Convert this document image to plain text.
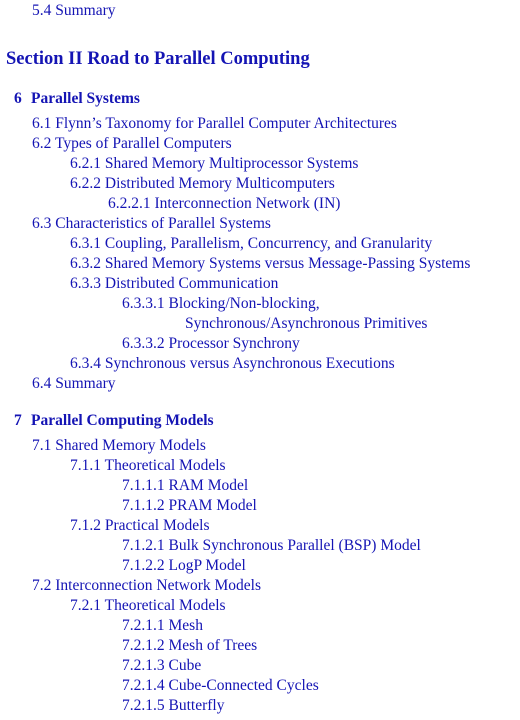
5.4 Summary
Section II Road to Parallel Computing
6 Parallel Systems
6.1 Flynn’s Taxonomy for Parallel Computer Architectures
6.2 Types of Parallel Computers
6.2.1 Shared Memory Multiprocessor Systems
6.2.2 Distributed Memory Multicomputers
6.2.2.1 Interconnection Network (IN)
6.3 Characteristics of Parallel Systems
6.3.1 Coupling, Parallelism, Concurrency, and Granularity
6.3.2 Shared Memory Systems versus Message-Passing Systems
6.3.3 Distributed Communication
6.3.3.1 Blocking/Non-blocking,
Synchronous/Asynchronous Primitives
6.3.3.2 Processor Synchrony
6.3.4 Synchronous versus Asynchronous Executions
6.4 Summary
7 Parallel Computing Models
7.1 Shared Memory Models
7.1.1 Theoretical Models
7.1.1.1 RAM Model
7.1.1.2 PRAM Model
7.1.2 Practical Models
7.1.2.1 Bulk Synchronous Parallel (BSP) Model
7.1.2.2 LogP Model
7.2 Interconnection Network Models
7.2.1 Theoretical Models
7.2.1.1 Mesh
7.2.1.2 Mesh of Trees
7.2.1.3 Cube
7.2.1.4 Cube-Connected Cycles
7.2.1.5 Butterfly
